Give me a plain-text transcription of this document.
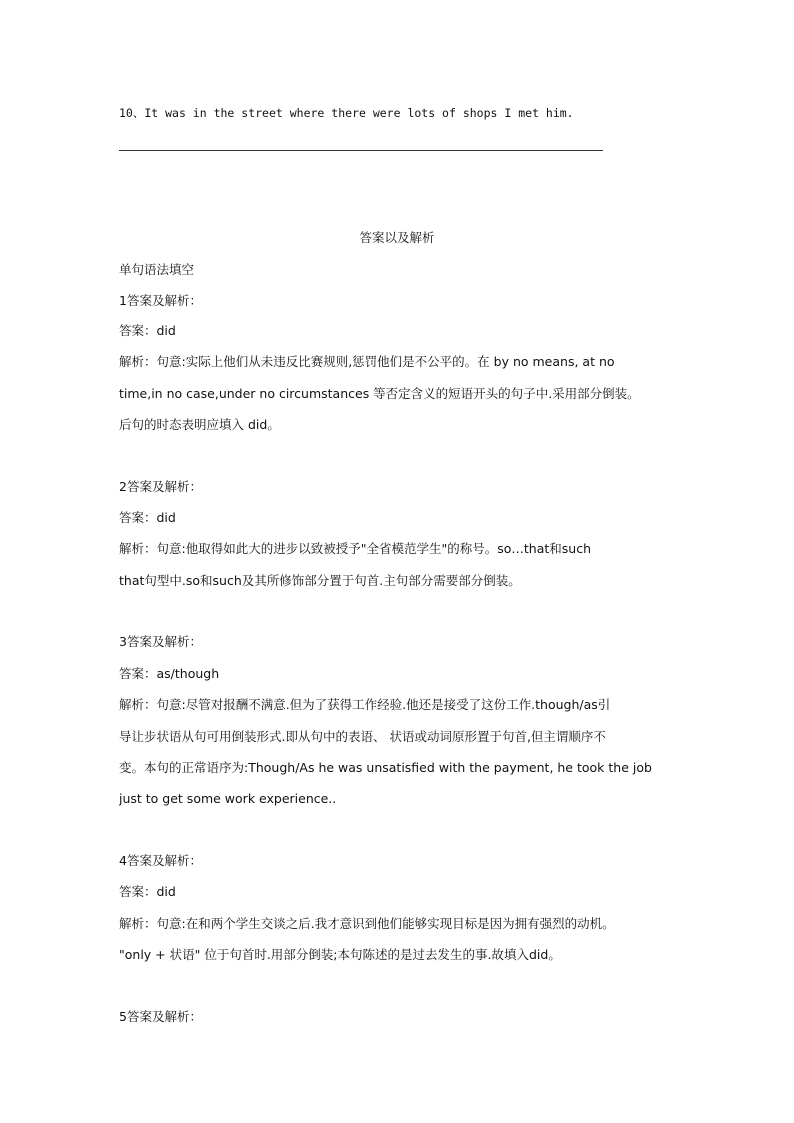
10、It was in the street where there were lots of shops I met him.
答案以及解析
单句语法填空
1答案及解析：
答案：did
解析：句意:实际上他们从未违反比赛规则,惩罚他们是不公平的。在 by no means, at no
time,in no case,under no circumstances 等否定含义的短语开头的句子中.采用部分倒装。
后句的时态表明应填入 did。
2答案及解析：
答案：did
解析：句意:他取得如此大的进步以致被授予"全省模范学生"的称号。so…that和such
that句型中.so和such及其所修饰部分置于句首.主句部分需要部分倒装。
3答案及解析：
答案：as/though
解析：句意:尽管对报酬不满意.但为了获得工作经验.他还是接受了这份工作.though/as引
导让步状语从句可用倒装形式.即从句中的表语、 状语或动词原形置于句首,但主谓顺序不
变。本句的正常语序为:Though/As he was unsatisfied with the payment, he took the job
just to get some work experience..
4答案及解析：
答案：did
解析：句意:在和两个学生交谈之后.我才意识到他们能够实现目标是因为拥有强烈的动机。
"only + 状语" 位于句首时.用部分倒装;本句陈述的是过去发生的事.故填入did。
5答案及解析：
